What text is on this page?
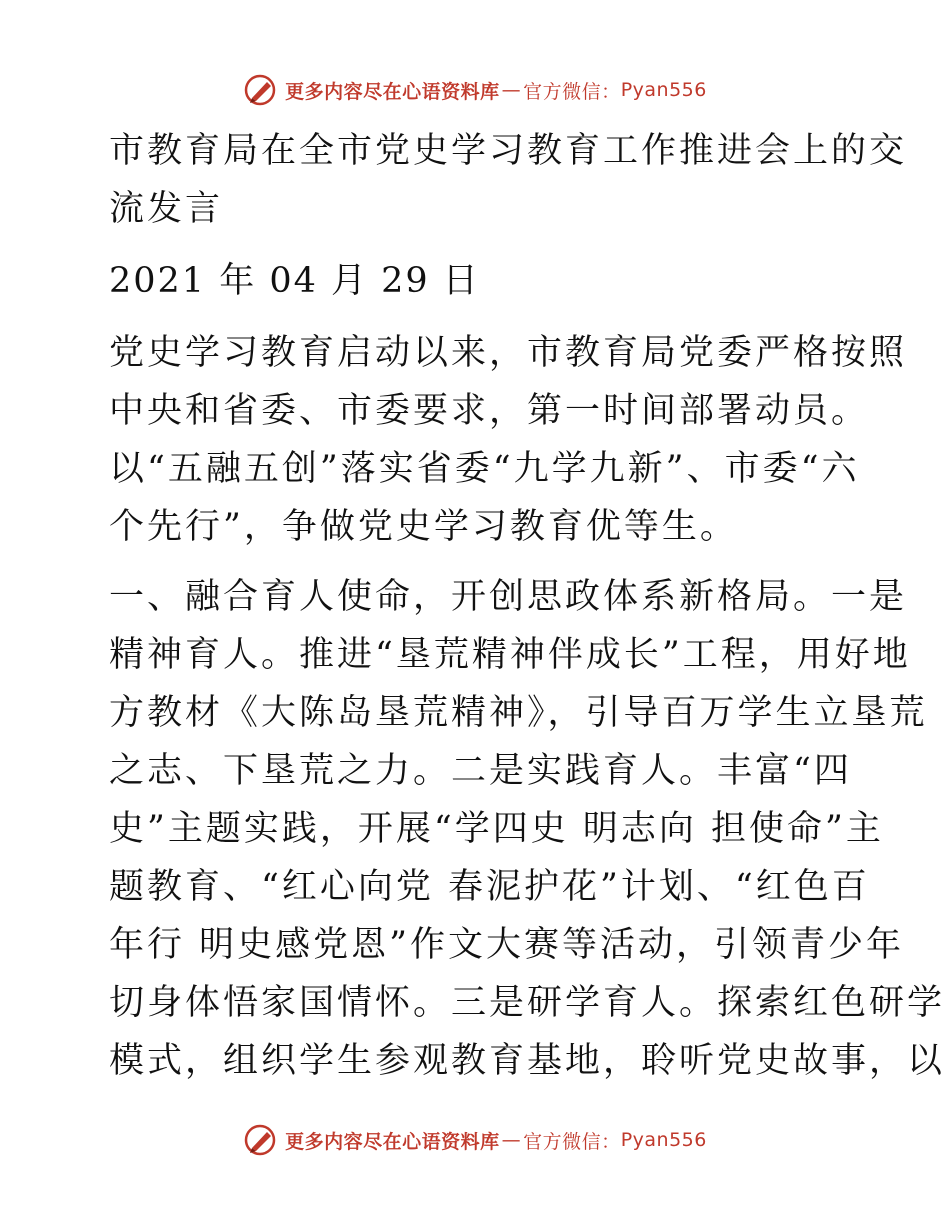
更多内容尽在心语资料库 — 官方微信： Pyan556
市教育局在全市党史学习教育工作推进会上的交
流发言
2021 年 04 月 29 日
党史学习教育启动以来，市教育局党委严格按照
中央和省委、市委要求，第一时间部署动员。
以“五融五创”落实省委“九学九新”、市委“六
个先行”，争做党史学习教育优等生。
一、融合育人使命，开创思政体系新格局。一是
精神育人。推进“垦荒精神伴成长”工程，用好地
方教材《大陈岛垦荒精神》，引导百万学生立垦荒
之志、下垦荒之力。二是实践育人。丰富“四
史”主题实践，开展“学四史 明志向 担使命”主
题教育、“红心向党 春泥护花”计划、“红色百
年行 明史感党恩”作文大赛等活动，引领青少年
切身体悟家国情怀。三是研学育人。探索红色研学
模式，组织学生参观教育基地，聆听党史故事，以
更多内容尽在心语资料库 — 官方微信： Pyan556
